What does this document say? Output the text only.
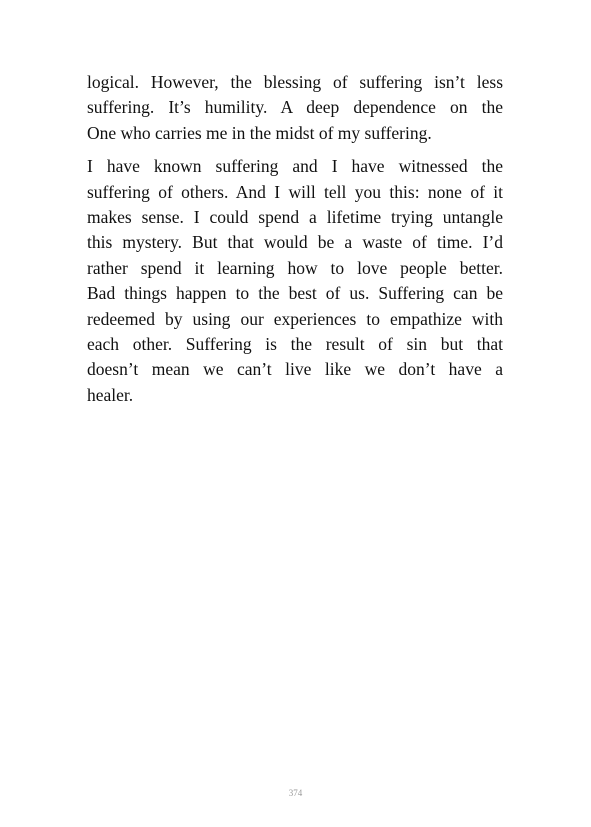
logical. However, the blessing of suffering isn’t less
suffering. It’s humility. A deep dependence on the
One who carries me in the midst of my suffering.

I have known suffering and I have witnessed the
suffering of others. And I will tell you this: none of it
makes sense. I could spend a lifetime trying untangle
this mystery. But that would be a waste of time. I’d
rather spend it learning how to love people better.
Bad things happen to the best of us. Suffering can be
redeemed by using our experiences to empathize with
each other. Suffering is the result of sin but that
doesn’t mean we can’t live like we don’t have a
healer.

374
